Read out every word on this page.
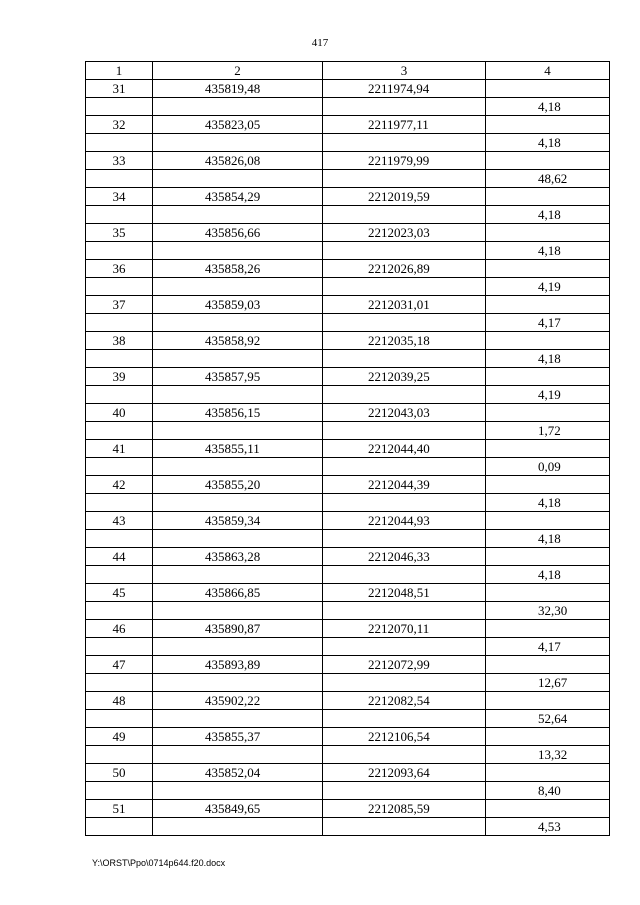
417
1	2	3	4
31	435819,48	2211974,94	
			4,18
32	435823,05	2211977,11	
			4,18
33	435826,08	2211979,99	
			48,62
34	435854,29	2212019,59	
			4,18
35	435856,66	2212023,03	
			4,18
36	435858,26	2212026,89	
			4,19
37	435859,03	2212031,01	
			4,17
38	435858,92	2212035,18	
			4,18
39	435857,95	2212039,25	
			4,19
40	435856,15	2212043,03	
			1,72
41	435855,11	2212044,40	
			0,09
42	435855,20	2212044,39	
			4,18
43	435859,34	2212044,93	
			4,18
44	435863,28	2212046,33	
			4,18
45	435866,85	2212048,51	
			32,30
46	435890,87	2212070,11	
			4,17
47	435893,89	2212072,99	
			12,67
48	435902,22	2212082,54	
			52,64
49	435855,37	2212106,54	
			13,32
50	435852,04	2212093,64	
			8,40
51	435849,65	2212085,59	
			4,53
Y:\ORST\Ppo\0714p644.f20.docx
